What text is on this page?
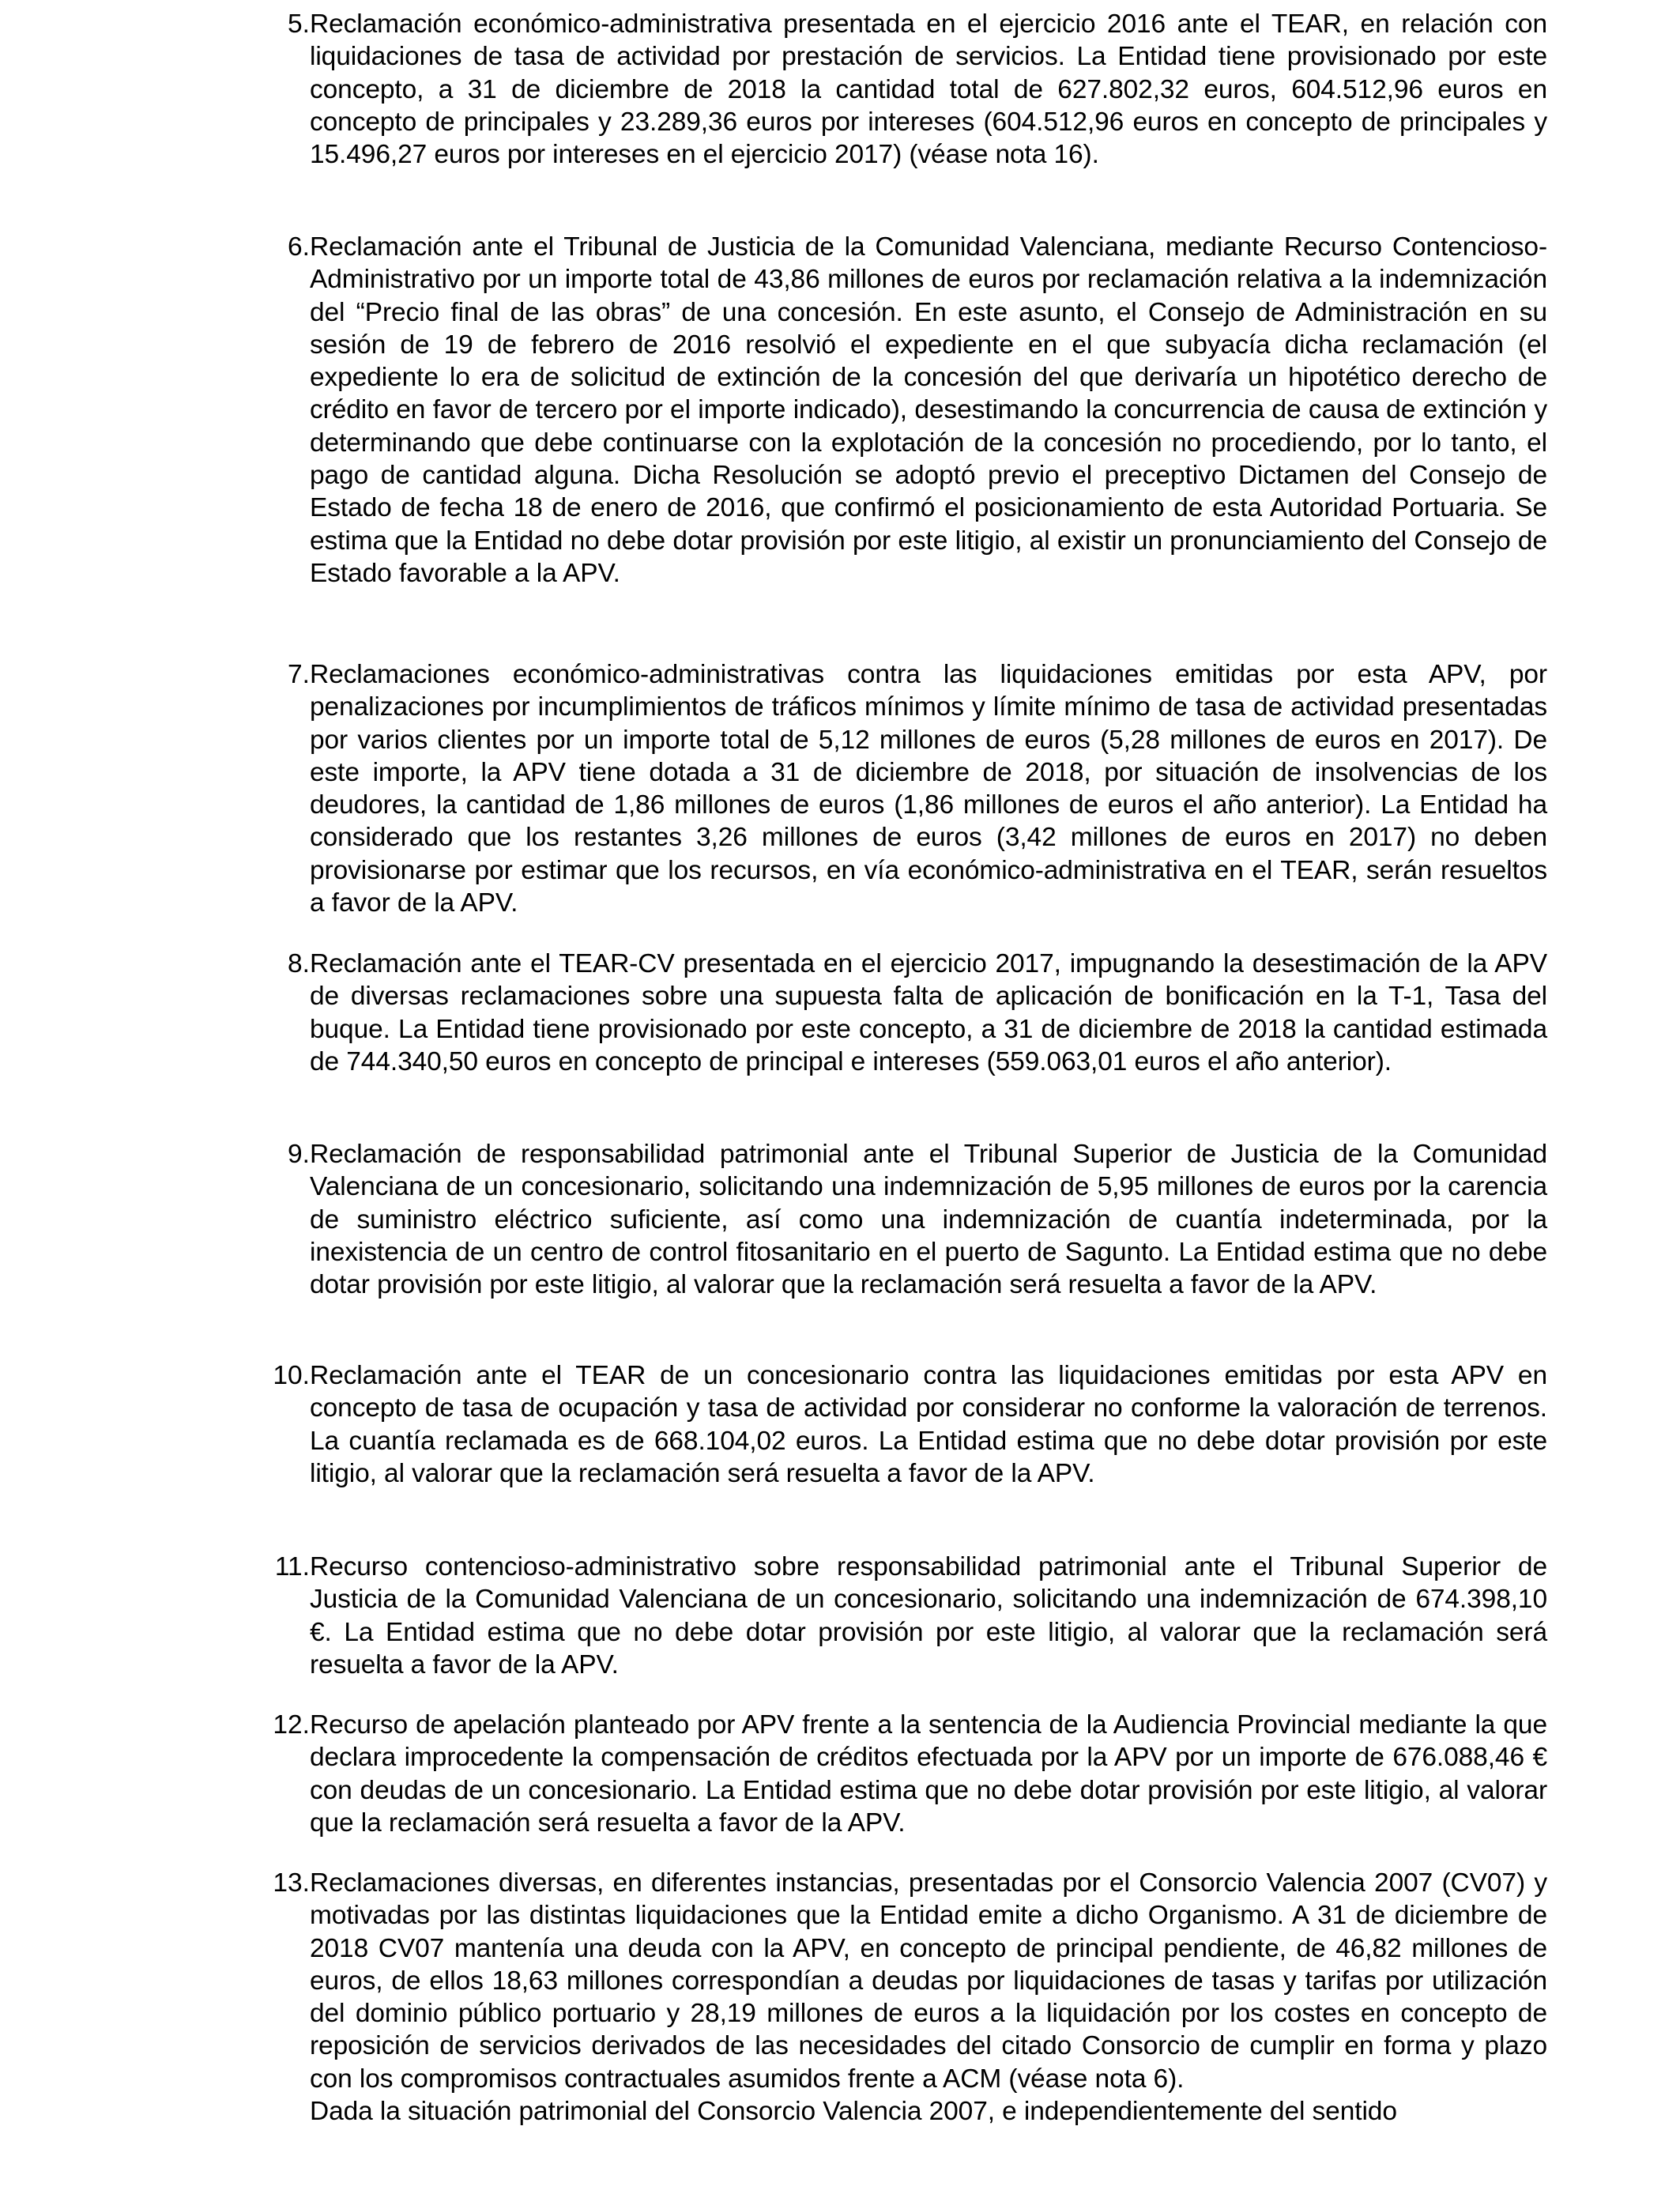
5. Reclamación económico-administrativa presentada en el ejercicio 2016 ante el TEAR, en relación con liquidaciones de tasa de actividad por prestación de servicios. La Entidad tiene provisionado por este concepto, a 31 de diciembre de 2018 la cantidad total de 627.802,32 euros, 604.512,96 euros en concepto de principales y 23.289,36 euros por intereses (604.512,96 euros en concepto de principales y 15.496,27 euros por intereses en el ejercicio 2017) (véase nota 16).

6. Reclamación ante el Tribunal de Justicia de la Comunidad Valenciana, mediante Recurso Contencioso-Administrativo por un importe total de 43,86 millones de euros por reclamación relativa a la indemnización del “Precio final de las obras” de una concesión. En este asunto, el Consejo de Administración en su sesión de 19 de febrero de 2016 resolvió el expediente en el que subyacía dicha reclamación (el expediente lo era de solicitud de extinción de la concesión del que derivaría un hipotético derecho de crédito en favor de tercero por el importe indicado), desestimando la concurrencia de causa de extinción y determinando que debe continuarse con la explotación de la concesión no procediendo, por lo tanto, el pago de cantidad alguna. Dicha Resolución se adoptó previo el preceptivo Dictamen del Consejo de Estado de fecha 18 de enero de 2016, que confirmó el posicionamiento de esta Autoridad Portuaria. Se estima que la Entidad no debe dotar provisión por este litigio, al existir un pronunciamiento del Consejo de Estado favorable a la APV.

7. Reclamaciones económico-administrativas contra las liquidaciones emitidas por esta APV, por penalizaciones por incumplimientos de tráficos mínimos y límite mínimo de tasa de actividad presentadas por varios clientes por un importe total de 5,12 millones de euros (5,28 millones de euros en 2017). De este importe, la APV tiene dotada a 31 de diciembre de 2018, por situación de insolvencias de los deudores, la cantidad de 1,86 millones de euros (1,86 millones de euros el año anterior). La Entidad ha considerado que los restantes 3,26 millones de euros (3,42 millones de euros en 2017) no deben provisionarse por estimar que los recursos, en vía económico-administrativa en el TEAR, serán resueltos a favor de la APV.

8. Reclamación ante el TEAR-CV presentada en el ejercicio 2017, impugnando la desestimación de la APV de diversas reclamaciones sobre una supuesta falta de aplicación de bonificación en la T-1, Tasa del buque. La Entidad tiene provisionado por este concepto, a 31 de diciembre de 2018 la cantidad estimada de 744.340,50 euros en concepto de principal e intereses (559.063,01 euros el año anterior).

9. Reclamación de responsabilidad patrimonial ante el Tribunal Superior de Justicia de la Comunidad Valenciana de un concesionario, solicitando una indemnización de 5,95 millones de euros por la carencia de suministro eléctrico suficiente, así como una indemnización de cuantía indeterminada, por la inexistencia de un centro de control fitosanitario en el puerto de Sagunto. La Entidad estima que no debe dotar provisión por este litigio, al valorar que la reclamación será resuelta a favor de la APV.

10. Reclamación ante el TEAR de un concesionario contra las liquidaciones emitidas por esta APV en concepto de tasa de ocupación y tasa de actividad por considerar no conforme la valoración de terrenos. La cuantía reclamada es de 668.104,02 euros. La Entidad estima que no debe dotar provisión por este litigio, al valorar que la reclamación será resuelta a favor de la APV.

11. Recurso contencioso-administrativo sobre responsabilidad patrimonial ante el Tribunal Superior de Justicia de la Comunidad Valenciana de un concesionario, solicitando una indemnización de 674.398,10 €. La Entidad estima que no debe dotar provisión por este litigio, al valorar que la reclamación será resuelta a favor de la APV.

12. Recurso de apelación planteado por APV frente a la sentencia de la Audiencia Provincial mediante la que declara improcedente la compensación de créditos efectuada por la APV por un importe de 676.088,46 € con deudas de un concesionario. La Entidad estima que no debe dotar provisión por este litigio, al valorar que la reclamación será resuelta a favor de la APV.

13. Reclamaciones diversas, en diferentes instancias, presentadas por el Consorcio Valencia 2007 (CV07) y motivadas por las distintas liquidaciones que la Entidad emite a dicho Organismo. A 31 de diciembre de 2018 CV07 mantenía una deuda con la APV, en concepto de principal pendiente, de 46,82 millones de euros, de ellos 18,63 millones correspondían a deudas por liquidaciones de tasas y tarifas por utilización del dominio público portuario y 28,19 millones de euros a la liquidación por los costes en concepto de reposición de servicios derivados de las necesidades del citado Consorcio de cumplir en forma y plazo con los compromisos contractuales asumidos frente a ACM (véase nota 6).

Dada la situación patrimonial del Consorcio Valencia 2007, e independientemente del sentido
